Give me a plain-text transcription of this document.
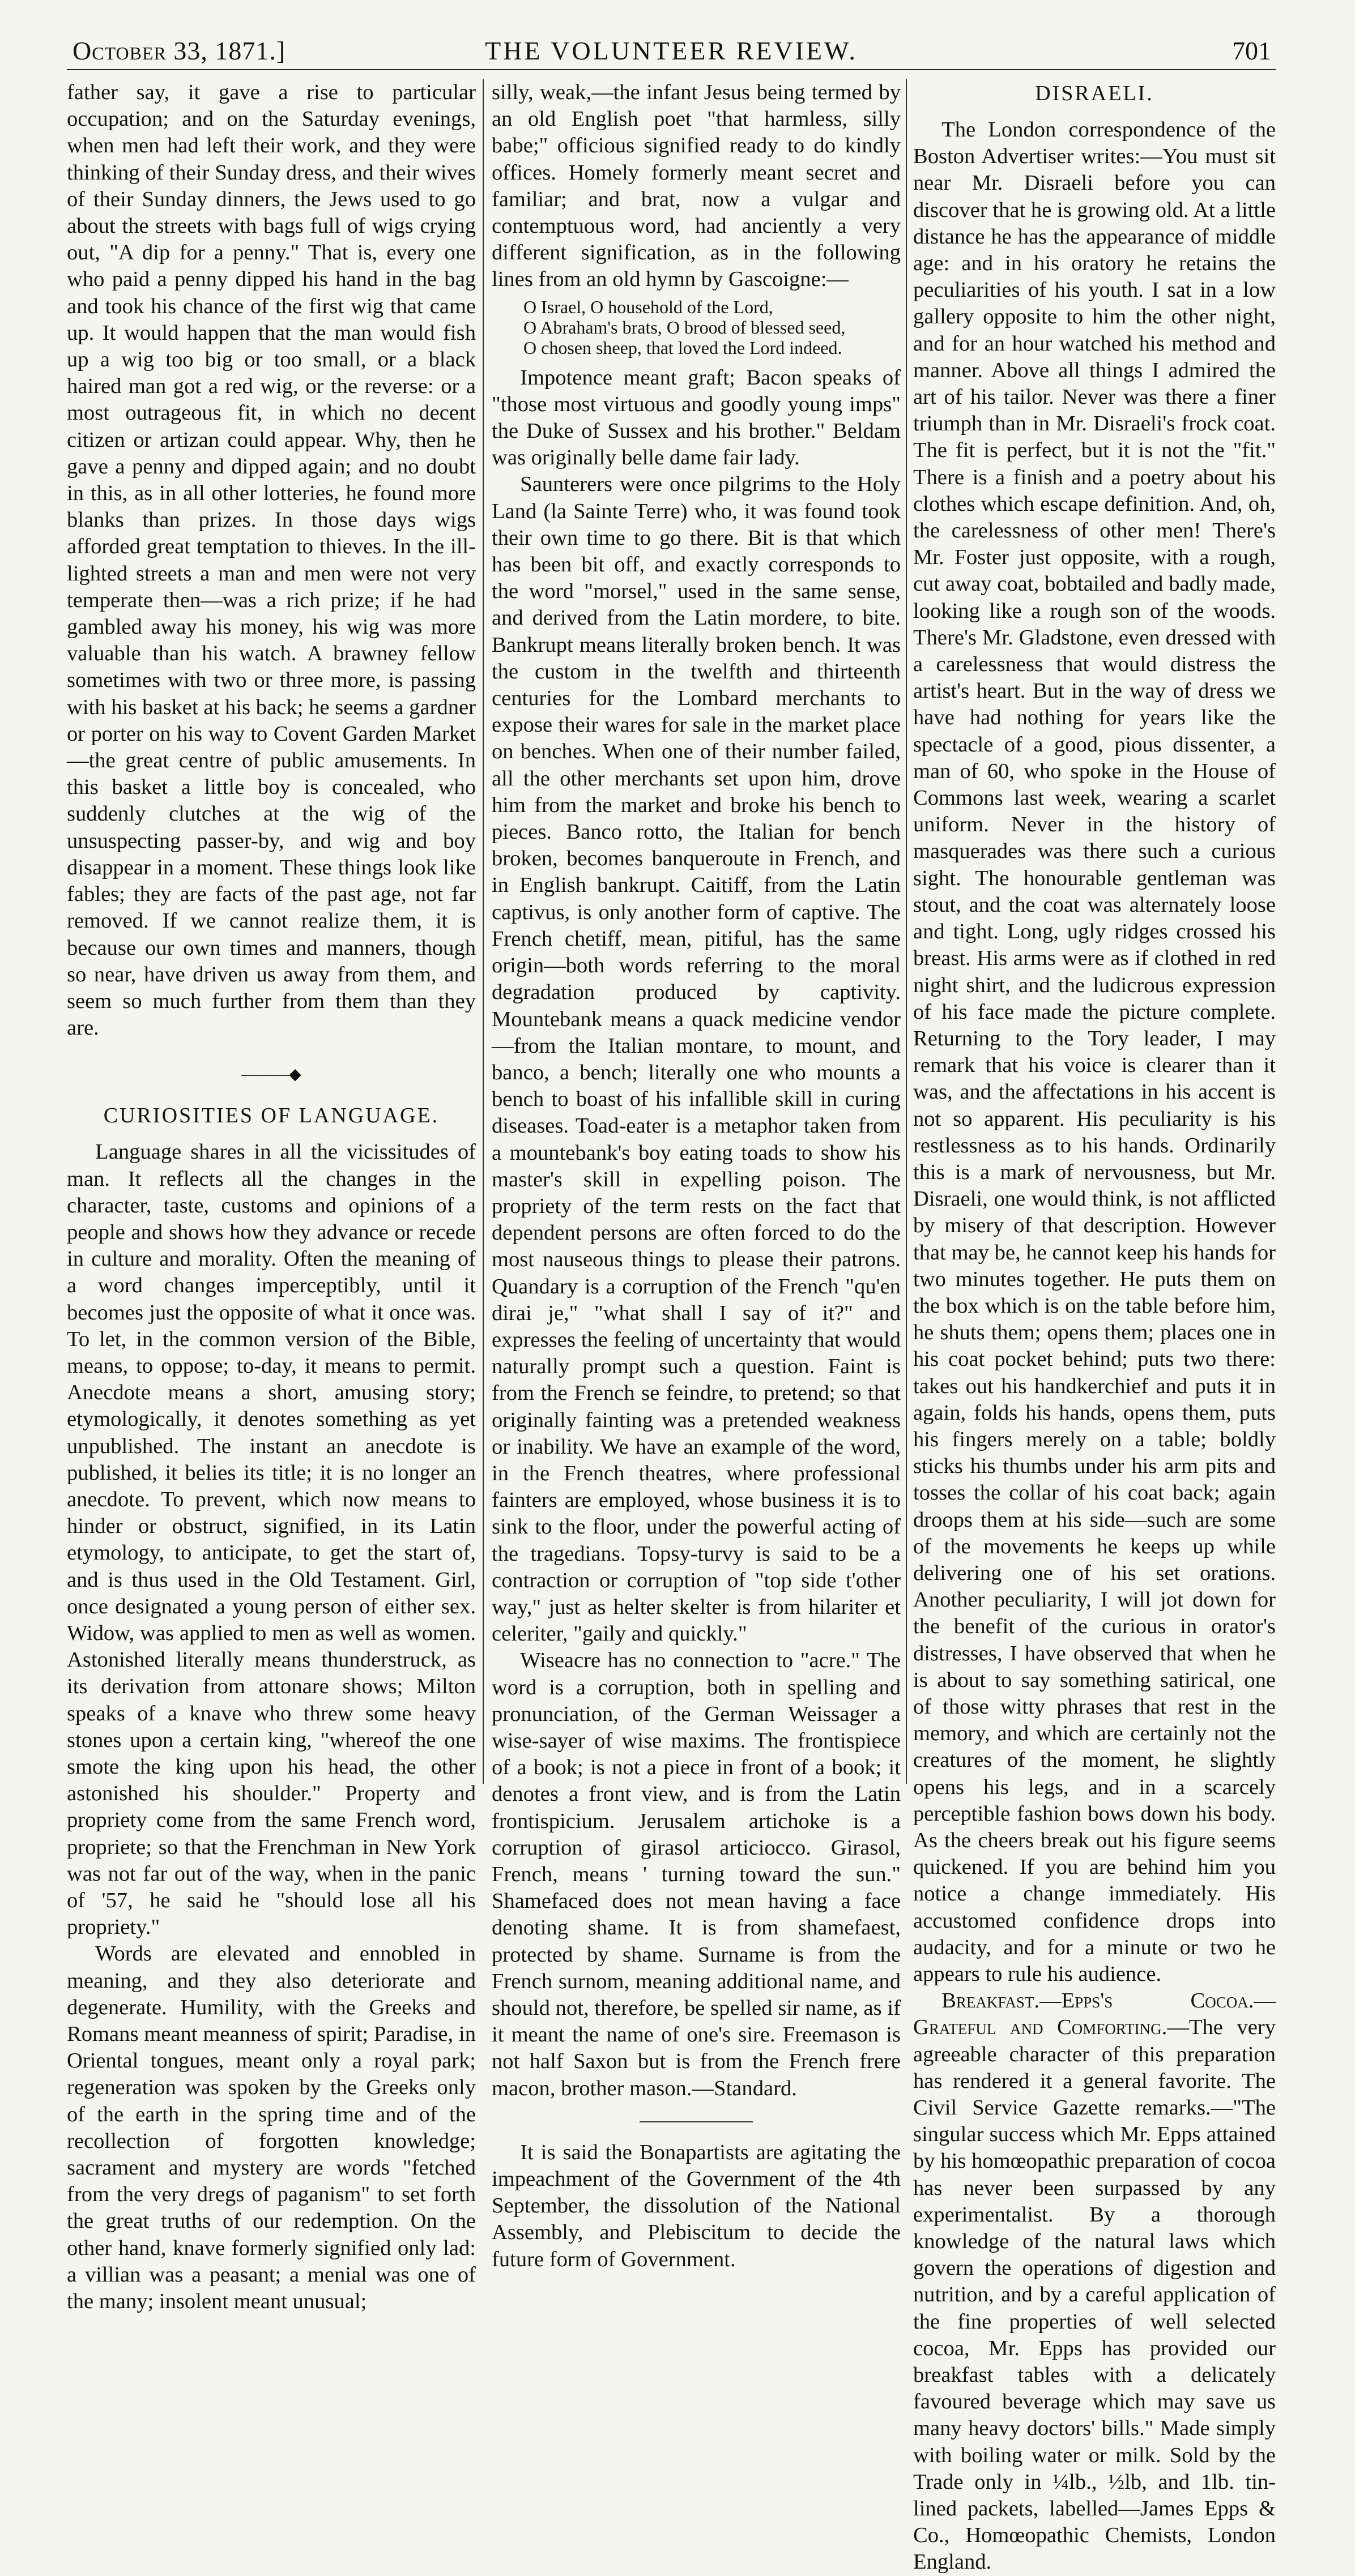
October 33, 1871.]	THE VOLUNTEER REVIEW.	701

father say, it gave a rise to particular occupation; and on the Saturday evenings, when men had left their work, and they were thinking of their Sunday dress, and their wives of their Sunday dinners, the Jews used to go about the streets with bags full of wigs crying out, "A dip for a penny." That is, every one who paid a penny dipped his hand in the bag and took his chance of the first wig that came up. It would happen that the man would fish up a wig too big or too small, or a black haired man got a red wig, or the reverse: or a most outrageous fit, in which no decent citizen or artizan could appear. Why, then he gave a penny and dipped again; and no doubt in this, as in all other lotteries, he found more blanks than prizes. In those days wigs afforded great temptation to thieves. In the ill-lighted streets a man and men were not very temperate then—was a rich prize; if he had gambled away his money, his wig was more valuable than his watch. A brawney fellow sometimes with two or three more, is passing with his basket at his back; he seems a gardner or porter on his way to Covent Garden Market—the great centre of public amusements. In this basket a little boy is concealed, who suddenly clutches at the wig of the unsuspecting passer-by, and wig and boy disappear in a moment. These things look like fables; they are facts of the past age, not far removed. If we cannot realize them, it is because our own times and manners, though so near, have driven us away from them, and seem so much further from them than they are.

———◆
CURIOSITIES OF LANGUAGE.

Language shares in all the vicissitudes of man. It reflects all the changes in the character, taste, customs and opinions of a people and shows how they advance or recede in culture and morality. Often the meaning of a word changes imperceptibly, until it becomes just the opposite of what it once was. To let, in the common version of the Bible, means, to oppose; to-day, it means to permit. Anecdote means a short, amusing story; etymologically, it denotes something as yet unpublished. The instant an anecdote is published, it belies its title; it is no longer an anecdote. To prevent, which now means to hinder or obstruct, signified, in its Latin etymology, to anticipate, to get the start of, and is thus used in the Old Testament. Girl, once designated a young person of either sex. Widow, was applied to men as well as women. Astonished literally means thunderstruck, as its derivation from attonare shows; Milton speaks of a knave who threw some heavy stones upon a certain king, "whereof the one smote the king upon his head, the other astonished his shoulder." Property and propriety come from the same French word, propriete; so that the Frenchman in New York was not far out of the way, when in the panic of '57, he said he "should lose all his propriety."

Words are elevated and ennobled in meaning, and they also deteriorate and degenerate. Humility, with the Greeks and Romans meant meanness of spirit; Paradise, in Oriental tongues, meant only a royal park; regeneration was spoken by the Greeks only of the earth in the spring time and of the recollection of forgotten knowledge; sacrament and mystery are words "fetched from the very dregs of paganism" to set forth the great truths of our redemption. On the other hand, knave formerly signified only lad: a villian was a peasant; a menial was one of the many; insolent meant unusual;

silly, weak,—the infant Jesus being termed by an old English poet "that harmless, silly babe;" officious signified ready to do kindly offices. Homely formerly meant secret and familiar; and brat, now a vulgar and contemptuous word, had anciently a very different signification, as in the following lines from an old hymn by Gascoigne:—

O Israel, O household of the Lord,
O Abraham's brats, O brood of blessed seed,
O chosen sheep, that loved the Lord indeed.

Impotence meant graft; Bacon speaks of "those most virtuous and goodly young imps" the Duke of Sussex and his brother." Beldam was originally belle dame fair lady.

Saunterers were once pilgrims to the Holy Land (la Sainte Terre) who, it was found took their own time to go there. Bit is that which has been bit off, and exactly corresponds to the word "morsel," used in the same sense, and derived from the Latin mordere, to bite. Bankrupt means literally broken bench. It was the custom in the twelfth and thirteenth centuries for the Lombard merchants to expose their wares for sale in the market place on benches. When one of their number failed, all the other merchants set upon him, drove him from the market and broke his bench to pieces. Banco rotto, the Italian for bench broken, becomes banqueroute in French, and in English bankrupt. Caitiff, from the Latin captivus, is only another form of captive. The French chetiff, mean, pitiful, has the same origin—both words referring to the moral degradation produced by captivity. Mountebank means a quack medicine vendor—from the Italian montare, to mount, and banco, a bench; literally one who mounts a bench to boast of his infallible skill in curing diseases. Toad-eater is a metaphor taken from a mountebank's boy eating toads to show his master's skill in expelling poison. The propriety of the term rests on the fact that dependent persons are often forced to do the most nauseous things to please their patrons. Quandary is a corruption of the French "qu'en dirai je," "what shall I say of it?" and expresses the feeling of uncertainty that would naturally prompt such a question. Faint is from the French se feindre, to pretend; so that originally fainting was a pretended weakness or inability. We have an example of the word, in the French theatres, where professional fainters are employed, whose business it is to sink to the floor, under the powerful acting of the tragedians. Topsy-turvy is said to be a contraction or corruption of "top side t'other way," just as helter skelter is from hilariter et celeriter, "gaily and quickly."

Wiseacre has no connection to "acre." The word is a corruption, both in spelling and pronunciation, of the German Weissager a wise-sayer of wise maxims. The frontispiece of a book; is not a piece in front of a book; it denotes a front view, and is from the Latin frontispicium. Jerusalem artichoke is a corruption of girasol articiocco. Girasol, French, means ' turning toward the sun." Shamefaced does not mean having a face denoting shame. It is from shamefaest, protected by shame. Surname is from the French surnom, meaning additional name, and should not, therefore, be spelled sir name, as if it meant the name of one's sire. Freemason is not half Saxon but is from the French frere macon, brother mason.—Standard.

It is said the Bonapartists are agitating the impeachment of the Government of the 4th September, the dissolution of the National Assembly, and Plebiscitum to decide the future form of Government.

DISRAELI.

The London correspondence of the Boston Advertiser writes:—You must sit near Mr. Disraeli before you can discover that he is growing old. At a little distance he has the appearance of middle age: and in his oratory he retains the peculiarities of his youth. I sat in a low gallery opposite to him the other night, and for an hour watched his method and manner. Above all things I admired the art of his tailor. Never was there a finer triumph than in Mr. Disraeli's frock coat. The fit is perfect, but it is not the "fit." There is a finish and a poetry about his clothes which escape definition. And, oh, the carelessness of other men! There's Mr. Foster just opposite, with a rough, cut away coat, bobtailed and badly made, looking like a rough son of the woods. There's Mr. Gladstone, even dressed with a carelessness that would distress the artist's heart. But in the way of dress we have had nothing for years like the spectacle of a good, pious dissenter, a man of 60, who spoke in the House of Commons last week, wearing a scarlet uniform. Never in the history of masquerades was there such a curious sight. The honourable gentleman was stout, and the coat was alternately loose and tight. Long, ugly ridges crossed his breast. His arms were as if clothed in red night shirt, and the ludicrous expression of his face made the picture complete. Returning to the Tory leader, I may remark that his voice is clearer than it was, and the affectations in his accent is not so apparent. His peculiarity is his restlessness as to his hands. Ordinarily this is a mark of nervousness, but Mr. Disraeli, one would think, is not afflicted by misery of that description. However that may be, he cannot keep his hands for two minutes together. He puts them on the box which is on the table before him, he shuts them; opens them; places one in his coat pocket behind; puts two there: takes out his handkerchief and puts it in again, folds his hands, opens them, puts his fingers merely on a table; boldly sticks his thumbs under his arm pits and tosses the collar of his coat back; again droops them at his side—such are some of the movements he keeps up while delivering one of his set orations. Another peculiarity, I will jot down for the benefit of the curious in orator's distresses, I have observed that when he is about to say something satirical, one of those witty phrases that rest in the memory, and which are certainly not the creatures of the moment, he slightly opens his legs, and in a scarcely perceptible fashion bows down his body. As the cheers break out his figure seems quickened. If you are behind him you notice a change immediately. His accustomed confidence drops into audacity, and for a minute or two he appears to rule his audience.

Breakfast.—Epps's Cocoa.—Grateful and Comforting.—The very agreeable character of this preparation has rendered it a general favorite. The Civil Service Gazette remarks.—"The singular success which Mr. Epps attained by his homœopathic preparation of cocoa has never been surpassed by any experimentalist. By a thorough knowledge of the natural laws which govern the operations of digestion and nutrition, and by a careful application of the fine properties of well selected cocoa, Mr. Epps has provided our breakfast tables with a delicately favoured beverage which may save us many heavy doctors' bills." Made simply with boiling water or milk. Sold by the Trade only in ¼lb., ½lb, and 1lb. tin-lined packets, labelled—James Epps & Co., Homœopathic Chemists, London England.
